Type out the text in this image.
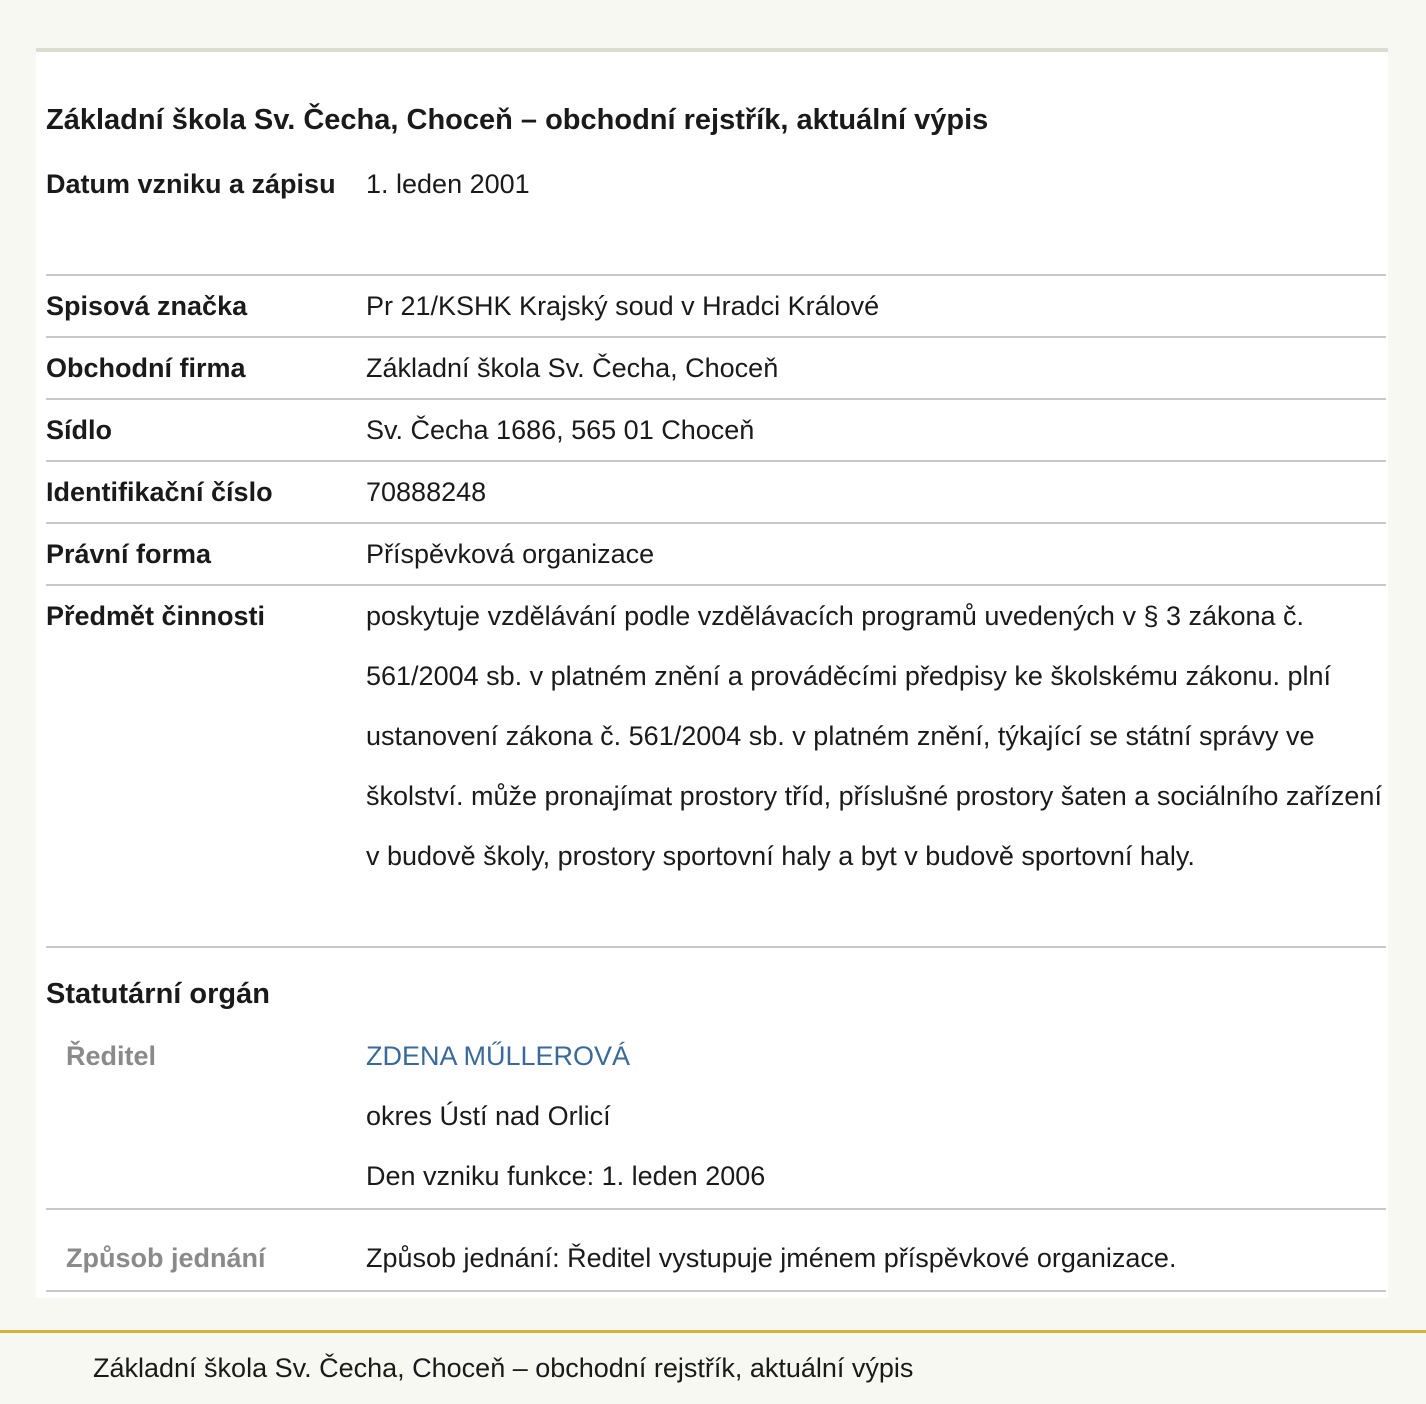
Základní škola Sv. Čecha, Choceň – obchodní rejstřík, aktuální výpis
Datum vzniku a zápisu 1. leden 2001
Spisová značka	Pr 21/KSHK Krajský soud v Hradci Králové
Obchodní firma	Základní škola Sv. Čecha, Choceň
Sídlo	Sv. Čecha 1686, 565 01 Choceň
Identifikační číslo	70888248
Právní forma	Příspěvková organizace
Předmět činnosti	poskytuje vzdělávání podle vzdělávacích programů uvedených v § 3 zákona č. 561/2004 sb. v platném znění a prováděcími předpisy ke školskému zákonu. plní ustanovení zákona č. 561/2004 sb. v platném znění, týkající se státní správy ve školství. může pronajímat prostory tříd, příslušné prostory šaten a sociálního zařízení v budově školy, prostory sportovní haly a byt v budově sportovní haly.
Statutární orgán
Ředitel	ZDENA MŰLLEROVÁ
okres Ústí nad Orlicí
Den vzniku funkce: 1. leden 2006
Způsob jednání	Způsob jednání: Ředitel vystupuje jménem příspěvkové organizace.
Základní škola Sv. Čecha, Choceň – obchodní rejstřík, aktuální výpis
